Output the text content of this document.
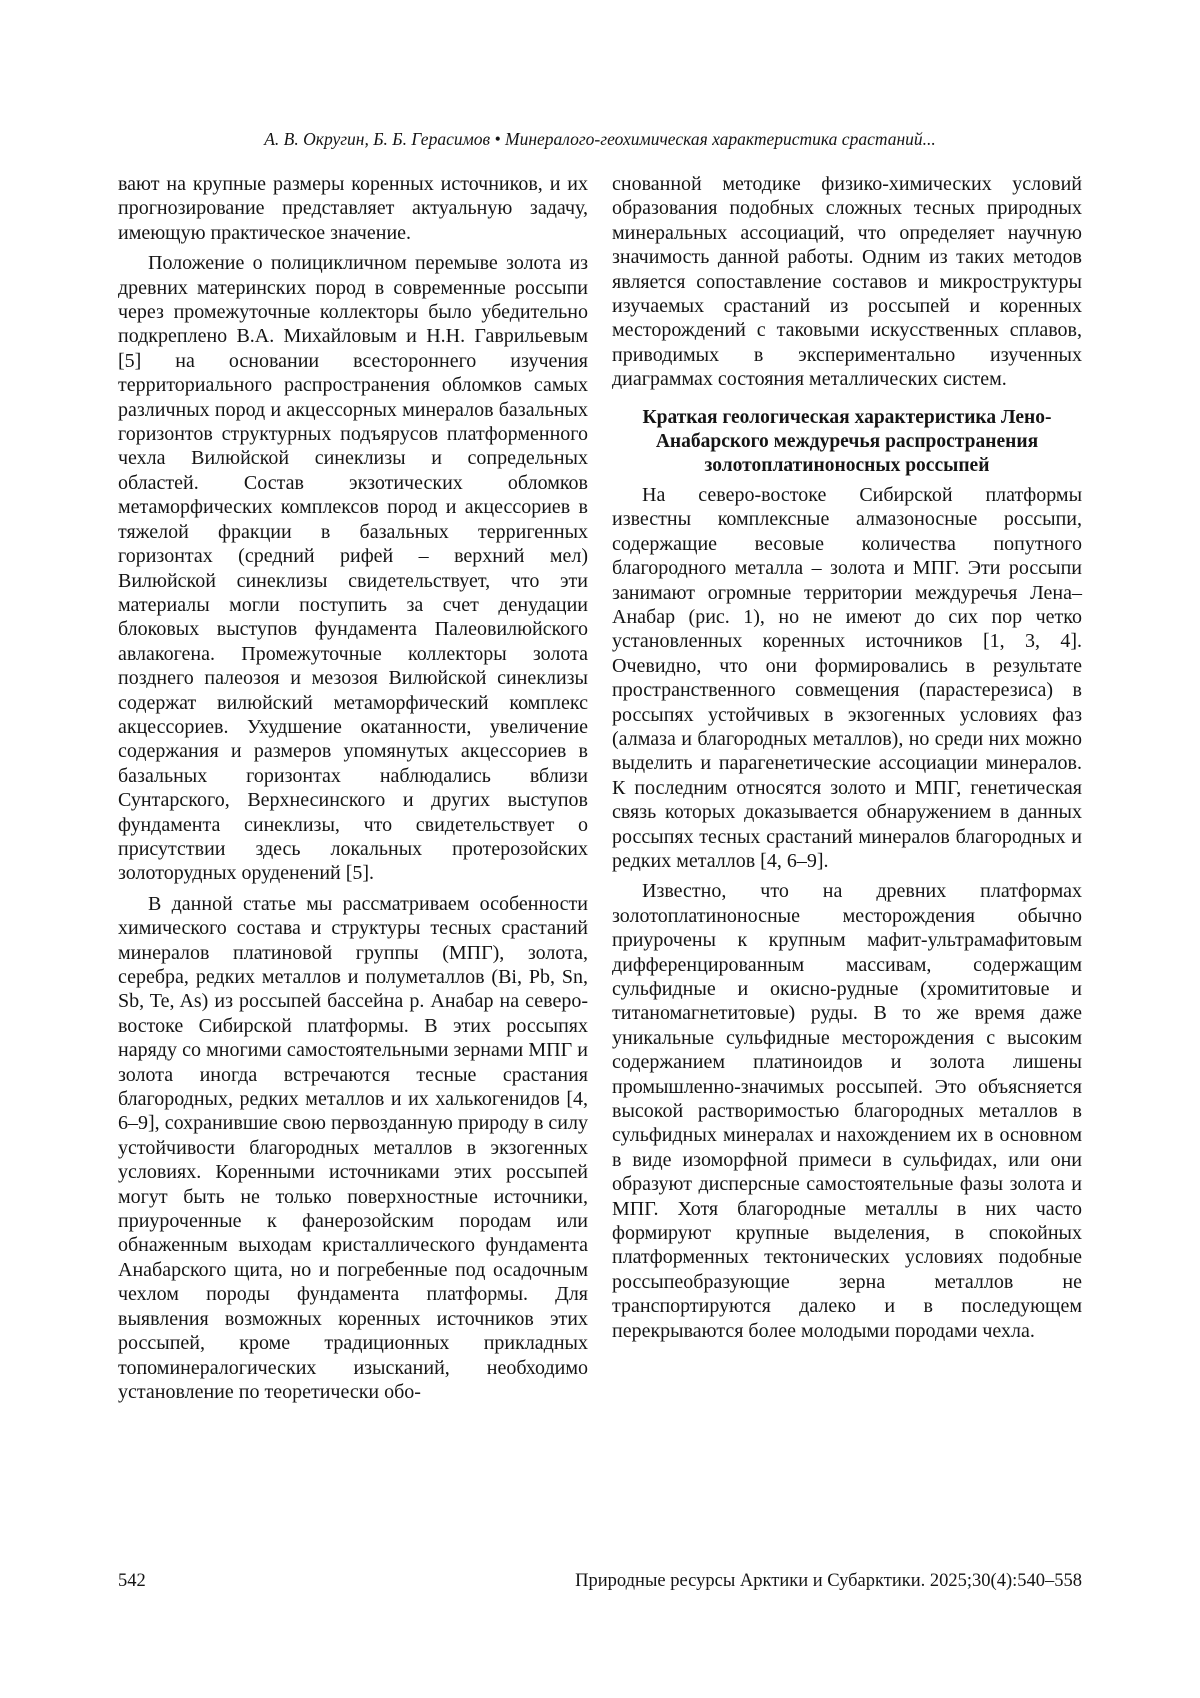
А. В. Округин, Б. Б. Герасимов • Минералого-геохимическая характеристика срастаний...

вают на крупные размеры коренных источников, и их прогнозирование представляет актуальную задачу, имеющую практическое значение.

Положение о полицикличном перемыве золота из древних материнских пород в современные россыпи через промежуточные коллекторы было убедительно подкреплено В.А. Михайловым и Н.Н. Гаврильевым [5] на основании всестороннего изучения территориального распространения обломков самых различных пород и акцессорных минералов базальных горизонтов структурных подъярусов платформенного чехла Вилюйской синеклизы и сопредельных областей. Состав экзотических обломков метаморфических комплексов пород и акцессориев в тяжелой фракции в базальных терригенных горизонтах (средний рифей – верхний мел) Вилюйской синеклизы свидетельствует, что эти материалы могли поступить за счет денудации блоковых выступов фундамента Палеовилюйского авлакогена. Промежуточные коллекторы золота позднего палеозоя и мезозоя Вилюйской синеклизы содержат вилюйский метаморфический комплекс акцессориев. Ухудшение окатанности, увеличение содержания и размеров упомянутых акцессориев в базальных горизонтах наблюдались вблизи Сунтарского, Верхнесинского и других выступов фундамента синеклизы, что свидетельствует о присутствии здесь локальных протерозойских золоторудных оруденений [5].

В данной статье мы рассматриваем особенности химического состава и структуры тесных срастаний минералов платиновой группы (МПГ), золота, серебра, редких металлов и полуметаллов (Bi, Pb, Sn, Sb, Te, As) из россыпей бассейна р. Анабар на северо-востоке Сибирской платформы. В этих россыпях наряду со многими самостоятельными зернами МПГ и золота иногда встречаются тесные срастания благородных, редких металлов и их халькогенидов [4, 6–9], сохранившие свою первозданную природу в силу устойчивости благородных металлов в экзогенных условиях. Коренными источниками этих россыпей могут быть не только поверхностные источники, приуроченные к фанерозойским породам или обнаженным выходам кристаллического фундамента Анабарского щита, но и погребенные под осадочным чехлом породы фундамента платформы. Для выявления возможных коренных источников этих россыпей, кроме традиционных прикладных топоминералогических изысканий, необходимо установление по теоретически обо-

снованной методике физико-химических условий образования подобных сложных тесных природных минеральных ассоциаций, что определяет научную значимость данной работы. Одним из таких методов является сопоставление составов и микроструктуры изучаемых срастаний из россыпей и коренных месторождений с таковыми искусственных сплавов, приводимых в экспериментально изученных диаграммах состояния металлических систем.

Краткая геологическая характеристика Лено-Анабарского междуречья распространения золотоплатиноносных россыпей

На северо-востоке Сибирской платформы известны комплексные алмазоносные россыпи, содержащие весовые количества попутного благородного металла – золота и МПГ. Эти россыпи занимают огромные территории междуречья Лена–Анабар (рис. 1), но не имеют до сих пор четко установленных коренных источников [1, 3, 4]. Очевидно, что они формировались в результате пространственного совмещения (парастерезиса) в россыпях устойчивых в экзогенных условиях фаз (алмаза и благородных металлов), но среди них можно выделить и парагенетические ассоциации минералов. К последним относятся золото и МПГ, генетическая связь которых доказывается обнаружением в данных россыпях тесных срастаний минералов благородных и редких металлов [4, 6–9].

Известно, что на древних платформах золотоплатиноносные месторождения обычно приурочены к крупным мафит-ультрамафитовым дифференцированным массивам, содержащим сульфидные и окисно-рудные (хромититовые и титаномагнетитовые) руды. В то же время даже уникальные сульфидные месторождения с высоким содержанием платиноидов и золота лишены промышленно-значимых россыпей. Это объясняется высокой растворимостью благородных металлов в сульфидных минералах и нахождением их в основном в виде изоморфной примеси в сульфидах, или они образуют дисперсные самостоятельные фазы золота и МПГ. Хотя благородные металлы в них часто формируют крупные выделения, в спокойных платформенных тектонических условиях подобные россыпеобразующие зерна металлов не транспортируются далеко и в последующем перекрываются более молодыми породами чехла.

542	Природные ресурсы Арктики и Субарктики. 2025;30(4):540–558
